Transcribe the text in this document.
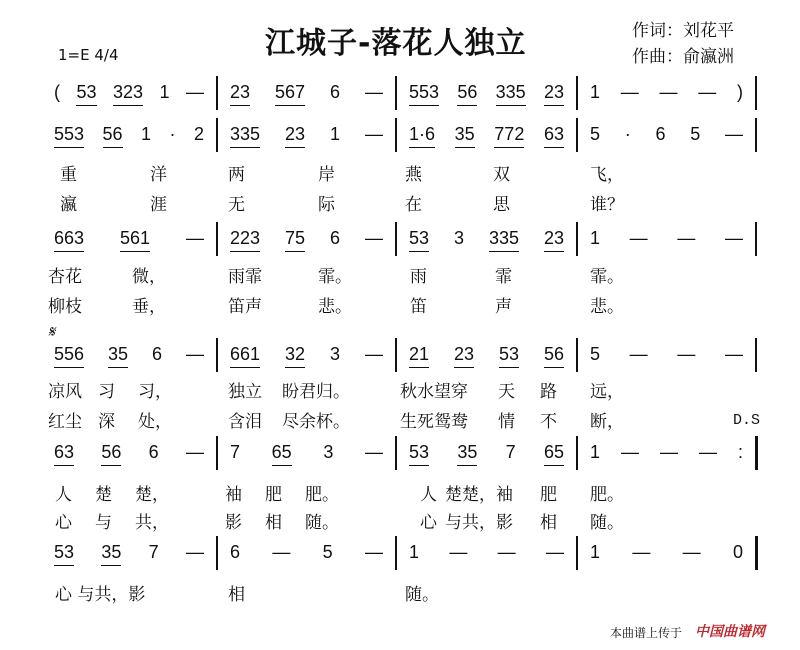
江城子-落花人独立	作词：刘花平
作曲：俞瀛洲
1=E 4/4
𝄋
D.S
( 53 323 1 — 23 567 6 — 553 56 335 23 1 — — — )
553 56 1 · 2 335 23 1 — 1·6 35 772 63 5 · 6 5 —
重	洋	两	岸	燕	双	飞，
瀛	涯	无	际	在	思	谁？
663 561 — 223 75 6 — 53 3 335 23 1 — — —
杏花	微，	雨霏	霏。	雨	霏	霏。
柳枝	垂，	笛声	悲。	笛	声	悲。
556 35 6 — 661 32 3 — 21 23 53 56 5 — — —
凉风 习 习，	独立 盼君归。	秋水望穿 天 路 远，
红尘 深 处，	含泪 尽余杯。	生死鸳鸯 情 不 断，
63 56 6 — 7 65 3 — 53 35 7 65 1 — — — :
人 楚 楚，	袖 肥 肥。	人 楚楚，袖 肥 肥。
心 与 共，	影 相 随。	心 与共，影 相 随。
53 35 7 — 6 — 5 — 1 — — — 1 — — 0
心 与共，影	相	随。
本曲谱上传于 中国曲谱网
